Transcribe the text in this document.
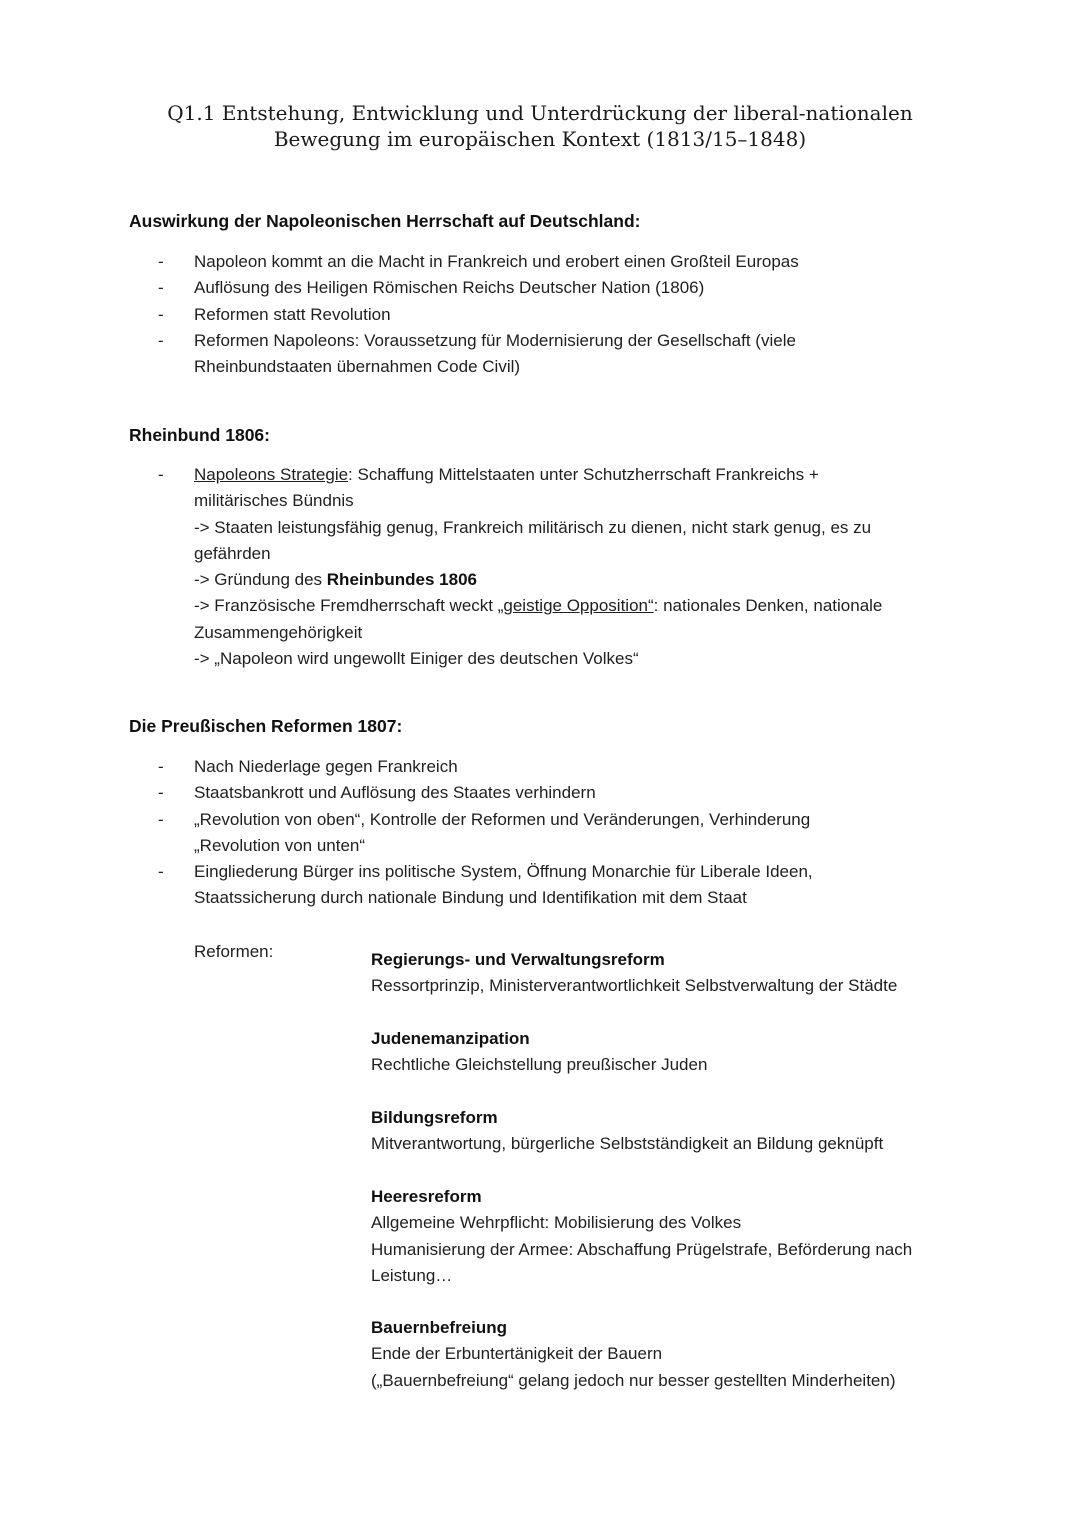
Q1.1 Entstehung, Entwicklung und Unterdrückung der liberal-nationalen
Bewegung im europäischen Kontext (1813/15–1848)
Auswirkung der Napoleonischen Herrschaft auf Deutschland:
- Napoleon kommt an die Macht in Frankreich und erobert einen Großteil Europas
- Auflösung des Heiligen Römischen Reichs Deutscher Nation (1806)
- Reformen statt Revolution
- Reformen Napoleons: Voraussetzung für Modernisierung der Gesellschaft (viele
Rheinbundstaaten übernahmen Code Civil)
Rheinbund 1806:
- Napoleons Strategie: Schaffung Mittelstaaten unter Schutzherrschaft Frankreichs +
militärisches Bündnis
-> Staaten leistungsfähig genug, Frankreich militärisch zu dienen, nicht stark genug, es zu
gefährden
-> Gründung des Rheinbundes 1806
-> Französische Fremdherrschaft weckt „geistige Opposition“: nationales Denken, nationale
Zusammengehörigkeit
-> „Napoleon wird ungewollt Einiger des deutschen Volkes“
Die Preußischen Reformen 1807:
- Nach Niederlage gegen Frankreich
- Staatsbankrott und Auflösung des Staates verhindern
- „Revolution von oben“, Kontrolle der Reformen und Veränderungen, Verhinderung
„Revolution von unten“
- Eingliederung Bürger ins politische System, Öffnung Monarchie für Liberale Ideen,
Staatssicherung durch nationale Bindung und Identifikation mit dem Staat
Reformen:	Regierungs- und Verwaltungsreform
Ressortprinzip, Ministerverantwortlichkeit Selbstverwaltung der Städte
Judenemanzipation
Rechtliche Gleichstellung preußischer Juden
Bildungsreform
Mitverantwortung, bürgerliche Selbstständigkeit an Bildung geknüpft
Heeresreform
Allgemeine Wehrpflicht: Mobilisierung des Volkes
Humanisierung der Armee: Abschaffung Prügelstrafe, Beförderung nach
Leistung…
Bauernbefreiung
Ende der Erbuntertänigkeit der Bauern
(„Bauernbefreiung“ gelang jedoch nur besser gestellten Minderheiten)
